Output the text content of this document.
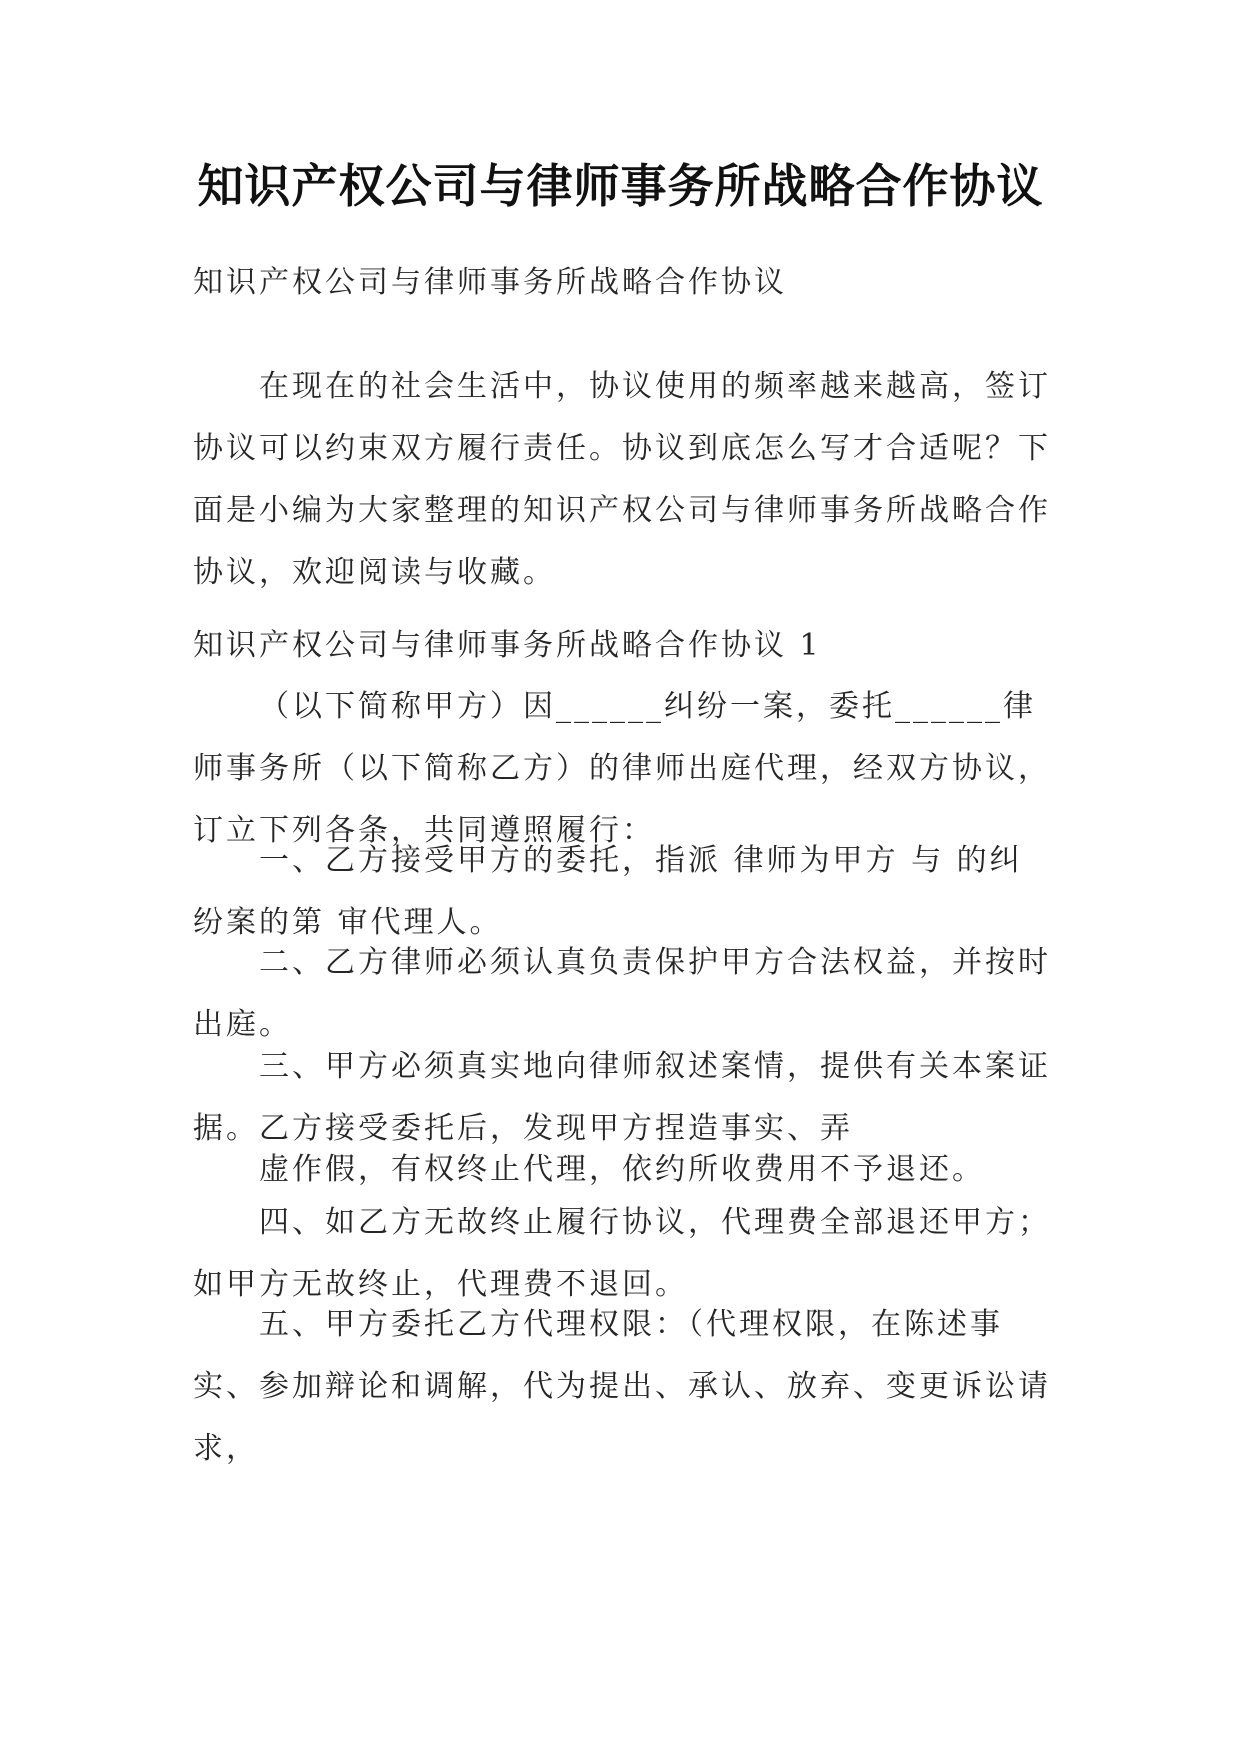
知识产权公司与律师事务所战略合作协议
知识产权公司与律师事务所战略合作协议

在现在的社会生活中，协议使用的频率越来越高，签订协议可以约束双方履行责任。协议到底怎么写才合适呢？下面是小编为大家整理的知识产权公司与律师事务所战略合作协议，欢迎阅读与收藏。

知识产权公司与律师事务所战略合作协议 1

（以下简称甲方）因______纠纷一案，委托______律师事务所（以下简称乙方）的律师出庭代理，经双方协议，订立下列各条，共同遵照履行：

一、乙方接受甲方的委托，指派 律师为甲方 与 的纠纷案的第 审代理人。

二、乙方律师必须认真负责保护甲方合法权益，并按时出庭。

三、甲方必须真实地向律师叙述案情，提供有关本案证据。乙方接受委托后，发现甲方捏造事实、弄

虚作假，有权终止代理，依约所收费用不予退还。

四、如乙方无故终止履行协议，代理费全部退还甲方；如甲方无故终止，代理费不退回。

五、甲方委托乙方代理权限：（代理权限，在陈述事实、参加辩论和调解，代为提出、承认、放弃、变更诉讼请求，
